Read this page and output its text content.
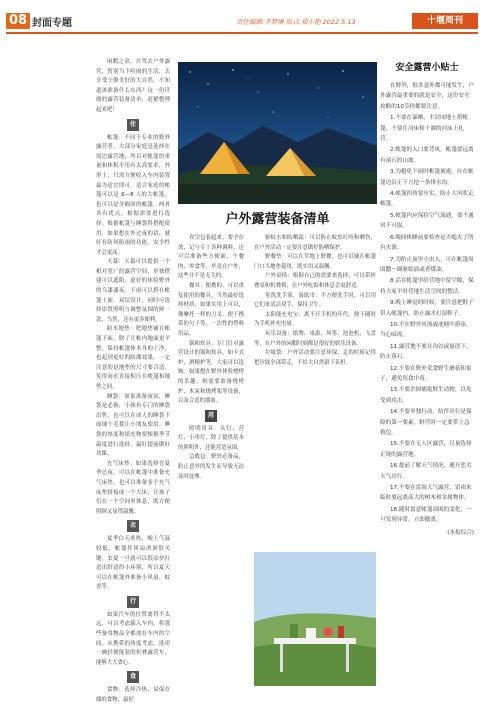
08 封面专题	责任编辑:李梦琳 版式:郑小艳 2022.5.13	十堰周刊

闲暇之余，自驾去户外露营，暂别当下喧闹的生活，去享受宁静美好的大自然。不知道该准备什么东西？这一份详细的露营装备清单，赶紧整理起来吧！

住

帐篷：不同于专业的野外露营者，大部分家庭是选择在周边露营地，所以对帐篷的重量和体积不用有太高要求，外形上，只需方便收入车内装置最为适宜即可。适合家庭的帐篷可以是 6—8 人的大帐篷，也可以是分隔间的帐篷，两者各有优点，根据需要进行选择。根据帐篷与睡袋科搭配使用，如果想在外过夜的话，就好有防风防雨的功能，安全性才会更高。

天幕：天幕可以提供一个相对宽广的露营空间，单独搭建可以遮阳，更好的体验野外的乌漆漆夜。下雨可以搭在帐篷上面，双层设计，同时可选择添置照明与调整氛围的鲜一款，当然，还有更多便利。

防水地垫：把地垫铺在帐篷下面，除了让帐内地面更平整，保持帐篷体本身的干净，也起到更好的防潮效果。一定注意的是地垫的尺寸要合适，免得雨水直接积压在帐篷和地垫之间。

睡袋：如果准备夜宿，睡袋是必备，小孩有专门的睡袋出售，也可以在成人的睡袋下面铺个毛毯让小朋友使用。睡袋的厚度和填充物要根据季节温度进行选择，最好提前做好功课。

充气床垫：如果选择在夏季过夜，可以在帐篷中准备充气床垫，也可以准备多个充气床垫拼接成一个大床，让孩子们在一个空间里休息，既方便照顾又显得温馨。

衣

夏季白天炎热，晚上气温较低，帐篷挂风扇消暑很关键，农夏一旦就可以很凉快打造出舒适的小环境，所以夏天可以在帐篷外准备小风扇、蚊香等。

行

如果汽车的位置离得不太远，可以考虑载入车内，将那些备用物品全都放在车内的空间。从携带的角度考虑，选用一辆轻便能装的折叠露营车，能够大大省心。

食

食物：选择冷热、易保存储的食物，最好

户外露营装备清单

真空包装起来。要予存放，记与专上各种调料，还可以准备些方便面、午餐肉、零食等，毕竟在户外，这些并不是无关的。

餐具：便携的、可以重复使用的餐具，当然最好选择材质，如果实用上可以，像摩托一样的刀叉、便于携带的勺子等，一次性的塑料用品。

锅和炊具：专门针对露营设计的锅和炊具，如卡式炉、酒精炉等，大家可以选购。如果想在野外体验烧烤的乐趣，则需要准备烧烤炉、木炭和烧烤架等设备，以及合适的器皿。

用

照明用具：头灯、营灯、小串灯，除了提供基本的照明外，还能营造氛围。

急救包：野外必备品，防止意外的发生而导致无法及时处理。

驱蚊水和防晒霜：可以防止蚊虫叮咬和晒伤，在户外活动一定要注意做好防晒保护。

野餐垫：可以在草地上野餐，也可以铺在帐篷门口当地垫使用，既实用又温馨。

户外桌椅：根据自己的需要来选择，可以带折叠桌和折叠椅，在户外吃饭和休息会更舒适。

免洗洗手液、湿纸巾：不方便洗手时，可以用它们来清洁双手，保持卫生。

太阳能充电宝：离不开手机的年代，便于随时为手机补充电量。

玩乐设备：纸牌、桌游、风筝、泡泡机、飞盘等，在户外的闲暇时刻都是很好的娱乐设备。

垃圾袋：户外活动要注意环保，走的时候记得把垃圾全部带走，不给大自然留下负担。

安全露营小贴士

在野外，很多意外都可能发生，户外露营最重要的就是安全，这份安全攻略的10节你都要注意。

1.不要在暴晒、半封闭地上搭帐篷，不要在河床和干涸的河床上扎营。

2.帐篷的入口要背风，帐篷要远离有滚石的山坡。

3.为避免下雨时帐篷被淹，应在帐篷边沿正下方挖一条排水沟。

4.帐篷四角要压实，防止大风吹走帐篷。

5.帐篷内应保持空气流通，要不通风不可取。

6.晚间休睡前要检查是否熄火了所有火源。

7.为防止夜里小虫入，可在帐篷周围撒一圈驱蚊液或者煤油。

8.活在帐篷里给营地中留空隙，保持大家平时营地生活空间的整洁。

9.晚上睡觉的时候，要注意把鞋子带入帐篷内，防止露水打湿鞋子。

10.不在野外河流或池塘中游泳，当心暗流。

11.露营地不要在沟谷或悬崖下，防止落石。

12.不要在野外采食野生蘑菇和果子，避免误食中毒。

13.不要企图捕捉野生动物，以免受到攻击。

14.不要单独行动，结伴出行是保障的第一要素，野营时一定要带上急救包。

15.不要在无人区露营，尽量选择正规的露营地。

16.提前了解天气情况，避开恶劣天气出行。

17.不要在雷雨天气露营，雷雨来临时要远离高大的树木和金属物体。

18.随时留意帐篷周围的变化，一旦发现异常，立即撤离。

(本报综合)
